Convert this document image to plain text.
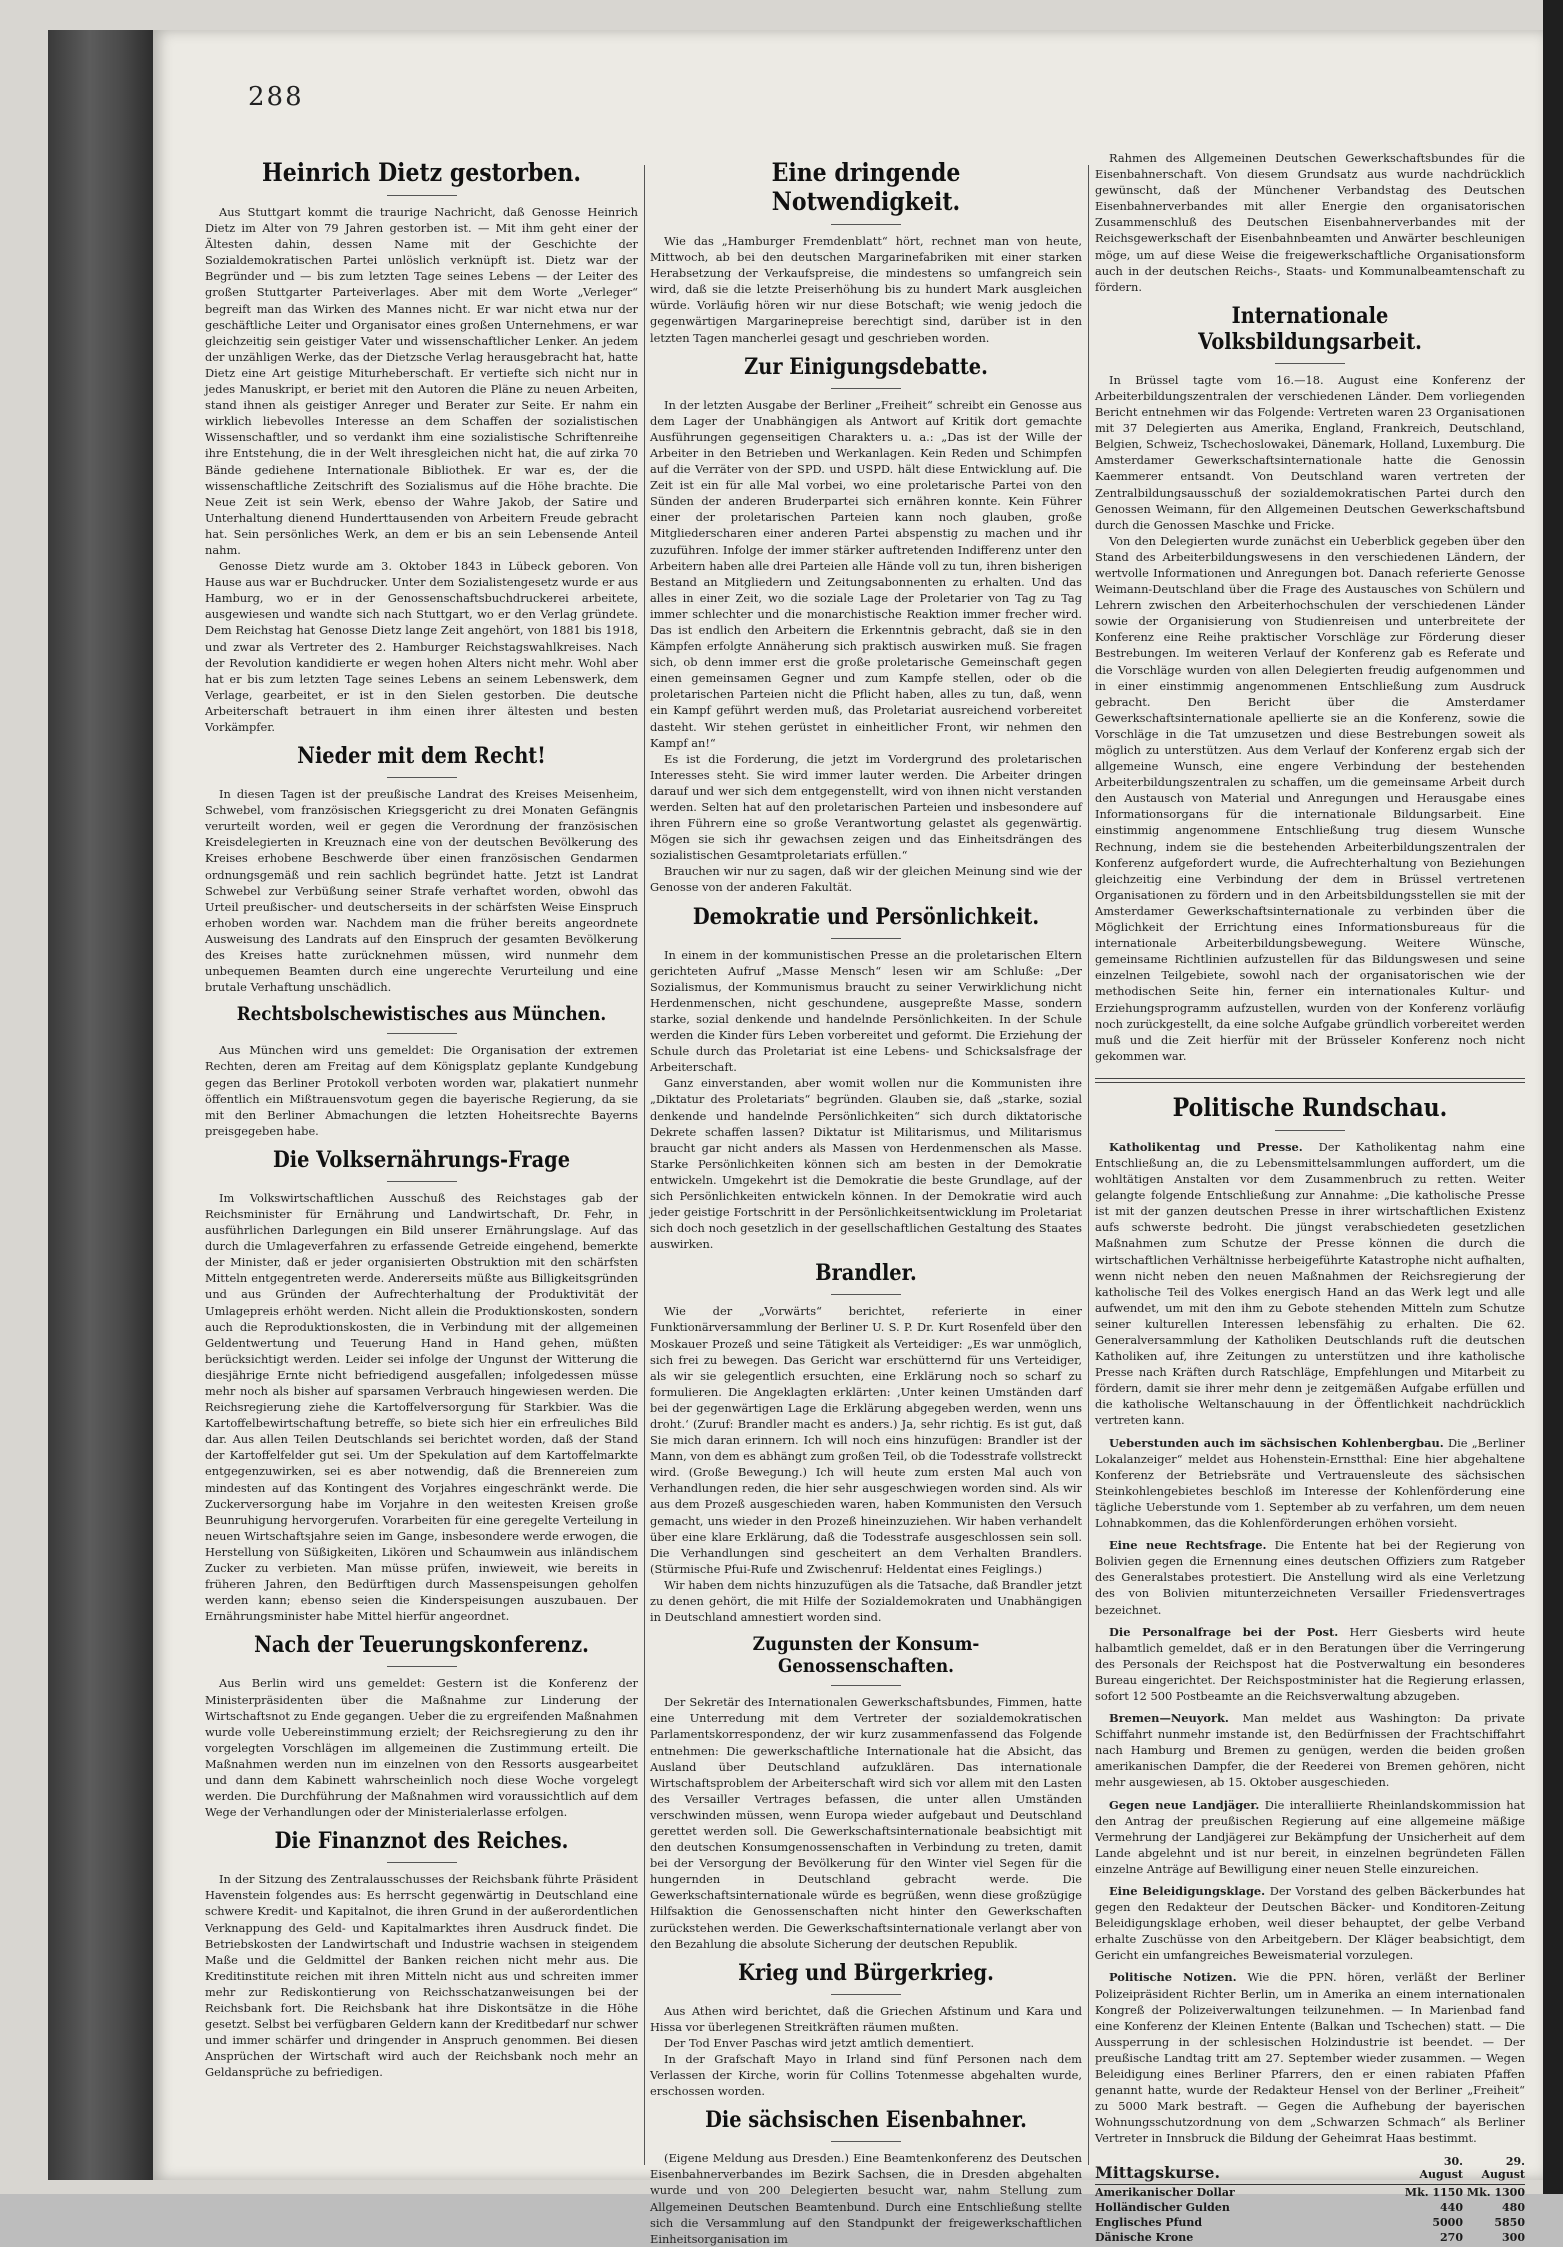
288
Heinrich Dietz gestorben.

Aus Stuttgart kommt die traurige Nachricht, daß Genosse Heinrich Dietz im Alter von 79 Jahren gestorben ist. — Mit ihm geht einer der Ältesten dahin, dessen Name mit der Geschichte der Sozialdemokratischen Partei unlöslich verknüpft ist. Dietz war der Begründer und — bis zum letzten Tage seines Lebens — der Leiter des großen Stuttgarter Parteiverlages. Aber mit dem Worte „Verleger“ begreift man das Wirken des Mannes nicht. Er war nicht etwa nur der geschäftliche Leiter und Organisator eines großen Unternehmens, er war gleichzeitig sein geistiger Vater und wissenschaftlicher Lenker. An jedem der unzähligen Werke, das der Dietzsche Verlag herausgebracht hat, hatte Dietz eine Art geistige Miturheberschaft. Er vertiefte sich nicht nur in jedes Manuskript, er beriet mit den Autoren die Pläne zu neuen Arbeiten, stand ihnen als geistiger Anreger und Berater zur Seite. Er nahm ein wirklich liebevolles Interesse an dem Schaffen der sozialistischen Wissenschaftler, und so verdankt ihm eine sozialistische Schriftenreihe ihre Entstehung, die in der Welt ihresgleichen nicht hat, die auf zirka 70 Bände gediehene Internationale Bibliothek. Er war es, der die wissenschaftliche Zeitschrift des Sozialismus auf die Höhe brachte. Die Neue Zeit ist sein Werk, ebenso der Wahre Jakob, der Satire und Unterhaltung dienend Hunderttausenden von Arbeitern Freude gebracht hat. Sein persönliches Werk, an dem er bis an sein Lebensende Anteil nahm.

Genosse Dietz wurde am 3. Oktober 1843 in Lübeck geboren. Von Hause aus war er Buchdrucker. Unter dem Sozialistengesetz wurde er aus Hamburg, wo er in der Genossenschaftsbuchdruckerei arbeitete, ausgewiesen und wandte sich nach Stuttgart, wo er den Verlag gründete. Dem Reichstag hat Genosse Dietz lange Zeit angehört, von 1881 bis 1918, und zwar als Vertreter des 2. Hamburger Reichstagswahlkreises. Nach der Revolution kandidierte er wegen hohen Alters nicht mehr. Wohl aber hat er bis zum letzten Tage seines Lebens an seinem Lebenswerk, dem Verlage, gearbeitet, er ist in den Sielen gestorben. Die deutsche Arbeiterschaft betrauert in ihm einen ihrer ältesten und besten Vorkämpfer.

Nieder mit dem Recht!

In diesen Tagen ist der preußische Landrat des Kreises Meisenheim, Schwebel, vom französischen Kriegsgericht zu drei Monaten Gefängnis verurteilt worden, weil er gegen die Verordnung der französischen Kreisdelegierten in Kreuznach eine von der deutschen Bevölkerung des Kreises erhobene Beschwerde über einen französischen Gendarmen ordnungsgemäß und rein sachlich begründet hatte. Jetzt ist Landrat Schwebel zur Verbüßung seiner Strafe verhaftet worden, obwohl das Urteil preußischer- und deutscherseits in der schärfsten Weise Einspruch erhoben worden war. Nachdem man die früher bereits angeordnete Ausweisung des Landrats auf den Einspruch der gesamten Bevölkerung des Kreises hatte zurücknehmen müssen, wird nunmehr dem unbequemen Beamten durch eine ungerechte Verurteilung und eine brutale Verhaftung unschädlich.

Rechtsbolschewistisches aus München.

Aus München wird uns gemeldet: Die Organisation der extremen Rechten, deren am Freitag auf dem Königsplatz geplante Kundgebung gegen das Berliner Protokoll verboten worden war, plakatiert nunmehr öffentlich ein Mißtrauensvotum gegen die bayerische Regierung, da sie mit den Berliner Abmachungen die letzten Hoheitsrechte Bayerns preisgegeben habe.

Die Volksernährungs-Frage

Im Volkswirtschaftlichen Ausschuß des Reichstages gab der Reichsminister für Ernährung und Landwirtschaft, Dr. Fehr, in ausführlichen Darlegungen ein Bild unserer Ernährungslage. Auf das durch die Umlageverfahren zu erfassende Getreide eingehend, bemerkte der Minister, daß er jeder organisierten Obstruktion mit den schärfsten Mitteln entgegentreten werde. Andererseits müßte aus Billigkeitsgründen und aus Gründen der Aufrechterhaltung der Produktivität der Umlagepreis erhöht werden. Nicht allein die Produktionskosten, sondern auch die Reproduktionskosten, die in Verbindung mit der allgemeinen Geldentwertung und Teuerung Hand in Hand gehen, müßten berücksichtigt werden. Leider sei infolge der Ungunst der Witterung die diesjährige Ernte nicht befriedigend ausgefallen; infolgedessen müsse mehr noch als bisher auf sparsamen Verbrauch hingewiesen werden. Die Reichsregierung ziehe die Kartoffelversorgung für Starkbier. Was die Kartoffelbewirtschaftung betreffe, so biete sich hier ein erfreuliches Bild dar. Aus allen Teilen Deutschlands sei berichtet worden, daß der Stand der Kartoffelfelder gut sei. Um der Spekulation auf dem Kartoffelmarkte entgegenzuwirken, sei es aber notwendig, daß die Brennereien zum mindesten auf das Kontingent des Vorjahres eingeschränkt werde. Die Zuckerversorgung habe im Vorjahre in den weitesten Kreisen große Beunruhigung hervorgerufen. Vorarbeiten für eine geregelte Verteilung in neuen Wirtschaftsjahre seien im Gange, insbesondere werde erwogen, die Herstellung von Süßigkeiten, Likören und Schaumwein aus inländischem Zucker zu verbieten. Man müsse prüfen, inwieweit, wie bereits in früheren Jahren, den Bedürftigen durch Massenspeisungen geholfen werden kann; ebenso seien die Kinderspeisungen auszubauen. Der Ernährungsminister habe Mittel hierfür angeordnet.

Nach der Teuerungskonferenz.

Aus Berlin wird uns gemeldet: Gestern ist die Konferenz der Ministerpräsidenten über die Maßnahme zur Linderung der Wirtschaftsnot zu Ende gegangen. Ueber die zu ergreifenden Maßnahmen wurde volle Uebereinstimmung erzielt; der Reichsregierung zu den ihr vorgelegten Vorschlägen im allgemeinen die Zustimmung erteilt. Die Maßnahmen werden nun im einzelnen von den Ressorts ausgearbeitet und dann dem Kabinett wahrscheinlich noch diese Woche vorgelegt werden. Die Durchführung der Maßnahmen wird voraussichtlich auf dem Wege der Verhandlungen oder der Ministerialerlasse erfolgen.

Die Finanznot des Reiches.

In der Sitzung des Zentralausschusses der Reichsbank führte Präsident Havenstein folgendes aus: Es herrscht gegenwärtig in Deutschland eine schwere Kredit- und Kapitalnot, die ihren Grund in der außerordentlichen Verknappung des Geld- und Kapitalmarktes ihren Ausdruck findet. Die Betriebskosten der Landwirtschaft und Industrie wachsen in steigendem Maße und die Geldmittel der Banken reichen nicht mehr aus. Die Kreditinstitute reichen mit ihren Mitteln nicht aus und schreiten immer mehr zur Rediskontierung von Reichsschatzanweisungen bei der Reichsbank fort. Die Reichsbank hat ihre Diskontsätze in die Höhe gesetzt. Selbst bei verfügbaren Geldern kann der Kreditbedarf nur schwer und immer schärfer und dringender in Anspruch genommen. Bei diesen Ansprüchen der Wirtschaft wird auch der Reichsbank noch mehr an Geldansprüche zu befriedigen.

Eine dringende Notwendigkeit.

Wie das „Hamburger Fremdenblatt“ hört, rechnet man von heute, Mittwoch, ab bei den deutschen Margarinefabriken mit einer starken Herabsetzung der Verkaufspreise, die mindestens so umfangreich sein wird, daß sie die letzte Preiserhöhung bis zu hundert Mark ausgleichen würde. Vorläufig hören wir nur diese Botschaft; wie wenig jedoch die gegenwärtigen Margarinepreise berechtigt sind, darüber ist in den letzten Tagen mancherlei gesagt und geschrieben worden.

Zur Einigungsdebatte.

In der letzten Ausgabe der Berliner „Freiheit“ schreibt ein Genosse aus dem Lager der Unabhängigen als Antwort auf Kritik dort gemachte Ausführungen gegenseitigen Charakters u. a.: „Das ist der Wille der Arbeiter in den Betrieben und Werkanlagen. Kein Reden und Schimpfen auf die Verräter von der SPD. und USPD. hält diese Entwicklung auf. Die Zeit ist ein für alle Mal vorbei, wo eine proletarische Partei von den Sünden der anderen Bruderpartei sich ernähren konnte. Kein Führer einer der proletarischen Parteien kann noch glauben, große Mitgliederscharen einer anderen Partei abspenstig zu machen und ihr zuzuführen. Infolge der immer stärker auftretenden Indifferenz unter den Arbeitern haben alle drei Parteien alle Hände voll zu tun, ihren bisherigen Bestand an Mitgliedern und Zeitungsabonnenten zu erhalten. Und das alles in einer Zeit, wo die soziale Lage der Proletarier von Tag zu Tag immer schlechter und die monarchistische Reaktion immer frecher wird. Das ist endlich den Arbeitern die Erkenntnis gebracht, daß sie in den Kämpfen erfolgte Annäherung sich praktisch auswirken muß. Sie fragen sich, ob denn immer erst die große proletarische Gemeinschaft gegen einen gemeinsamen Gegner und zum Kampfe stellen, oder ob die proletarischen Parteien nicht die Pflicht haben, alles zu tun, daß, wenn ein Kampf geführt werden muß, das Proletariat ausreichend vorbereitet dasteht. Wir stehen gerüstet in einheitlicher Front, wir nehmen den Kampf an!“

Es ist die Forderung, die jetzt im Vordergrund des proletarischen Interesses steht. Sie wird immer lauter werden. Die Arbeiter dringen darauf und wer sich dem entgegenstellt, wird von ihnen nicht verstanden werden. Selten hat auf den proletarischen Parteien und insbesondere auf ihren Führern eine so große Verantwortung gelastet als gegenwärtig. Mögen sie sich ihr gewachsen zeigen und das Einheitsdrängen des sozialistischen Gesamtproletariats erfüllen.“

Brauchen wir nur zu sagen, daß wir der gleichen Meinung sind wie der Genosse von der anderen Fakultät.

Demokratie und Persönlichkeit.

In einem in der kommunistischen Presse an die proletarischen Eltern gerichteten Aufruf „Masse Mensch“ lesen wir am Schluße: „Der Sozialismus, der Kommunismus braucht zu seiner Verwirklichung nicht Herdenmenschen, nicht geschundene, ausgepreßte Masse, sondern starke, sozial denkende und handelnde Persönlichkeiten. In der Schule werden die Kinder fürs Leben vorbereitet und geformt. Die Erziehung der Schule durch das Proletariat ist eine Lebens- und Schicksalsfrage der Arbeiterschaft.

Ganz einverstanden, aber womit wollen nur die Kommunisten ihre „Diktatur des Proletariats“ begründen. Glauben sie, daß „starke, sozial denkende und handelnde Persönlichkeiten“ sich durch diktatorische Dekrete schaffen lassen? Diktatur ist Militarismus, und Militarismus braucht gar nicht anders als Massen von Herdenmenschen als Masse. Starke Persönlichkeiten können sich am besten in der Demokratie entwickeln. Umgekehrt ist die Demokratie die beste Grundlage, auf der sich Persönlichkeiten entwickeln können. In der Demokratie wird auch jeder geistige Fortschritt in der Persönlichkeitsentwicklung im Proletariat sich doch noch gesetzlich in der gesellschaftlichen Gestaltung des Staates auswirken.

Brandler.

Wie der „Vorwärts“ berichtet, referierte in einer Funktionärversammlung der Berliner U. S. P. Dr. Kurt Rosenfeld über den Moskauer Prozeß und seine Tätigkeit als Verteidiger: „Es war unmöglich, sich frei zu bewegen. Das Gericht war erschütternd für uns Verteidiger, als wir sie gelegentlich ersuchten, eine Erklärung noch so scharf zu formulieren. Die Angeklagten erklärten: ‚Unter keinen Umständen darf bei der gegenwärtigen Lage die Erklärung abgegeben werden, wenn uns droht.‘ (Zuruf: Brandler macht es anders.) Ja, sehr richtig. Es ist gut, daß Sie mich daran erinnern. Ich will noch eins hinzufügen: Brandler ist der Mann, von dem es abhängt zum großen Teil, ob die Todesstrafe vollstreckt wird. (Große Bewegung.) Ich will heute zum ersten Mal auch von Verhandlungen reden, die hier sehr ausgeschwiegen worden sind. Als wir aus dem Prozeß ausgeschieden waren, haben Kommunisten den Versuch gemacht, uns wieder in den Prozeß hineinzuziehen. Wir haben verhandelt über eine klare Erklärung, daß die Todesstrafe ausgeschlossen sein soll. Die Verhandlungen sind gescheitert an dem Verhalten Brandlers. (Stürmische Pfui-Rufe und Zwischenruf: Heldentat eines Feiglings.)

Wir haben dem nichts hinzuzufügen als die Tatsache, daß Brandler jetzt zu denen gehört, die mit Hilfe der Sozialdemokraten und Unabhängigen in Deutschland amnestiert worden sind.

Zugunsten der Konsum-Genossenschaften.

Der Sekretär des Internationalen Gewerkschaftsbundes, Fimmen, hatte eine Unterredung mit dem Vertreter der sozialdemokratischen Parlamentskorrespondenz, der wir kurz zusammenfassend das Folgende entnehmen: Die gewerkschaftliche Internationale hat die Absicht, das Ausland über Deutschland aufzuklären. Das internationale Wirtschaftsproblem der Arbeiterschaft wird sich vor allem mit den Lasten des Versailler Vertrages befassen, die unter allen Umständen verschwinden müssen, wenn Europa wieder aufgebaut und Deutschland gerettet werden soll. Die Gewerkschaftsinternationale beabsichtigt mit den deutschen Konsumgenossenschaften in Verbindung zu treten, damit bei der Versorgung der Bevölkerung für den Winter viel Segen für die hungernden in Deutschland gebracht werde. Die Gewerkschaftsinternationale würde es begrüßen, wenn diese großzügige Hilfsaktion die Genossenschaften nicht hinter den Gewerkschaften zurückstehen werden. Die Gewerkschaftsinternationale verlangt aber von den Bezahlung die absolute Sicherung der deutschen Republik.

Krieg und Bürgerkrieg.

Aus Athen wird berichtet, daß die Griechen Afstinum und Kara und Hissa vor überlegenen Streitkräften räumen mußten.

Der Tod Enver Paschas wird jetzt amtlich dementiert.

In der Grafschaft Mayo in Irland sind fünf Personen nach dem Verlassen der Kirche, worin für Collins Totenmesse abgehalten wurde, erschossen worden.

Die sächsischen Eisenbahner.

(Eigene Meldung aus Dresden.) Eine Beamtenkonferenz des Deutschen Eisenbahnerverbandes im Bezirk Sachsen, die in Dresden abgehalten wurde und von 200 Delegierten besucht war, nahm Stellung zum Allgemeinen Deutschen Beamtenbund. Durch eine Entschließung stellte sich die Versammlung auf den Standpunkt der freigewerkschaftlichen Einheitsorganisation im

Rahmen des Allgemeinen Deutschen Gewerkschaftsbundes für die Eisenbahnerschaft. Von diesem Grundsatz aus wurde nachdrücklich gewünscht, daß der Münchener Verbandstag des Deutschen Eisenbahnerverbandes mit aller Energie den organisatorischen Zusammenschluß des Deutschen Eisenbahnerverbandes mit der Reichsgewerkschaft der Eisenbahnbeamten und Anwärter beschleunigen möge, um auf diese Weise die freigewerkschaftliche Organisationsform auch in der deutschen Reichs-, Staats- und Kommunalbeamtenschaft zu fördern.

Internationale Volksbildungsarbeit.

In Brüssel tagte vom 16.—18. August eine Konferenz der Arbeiterbildungszentralen der verschiedenen Länder. Dem vorliegenden Bericht entnehmen wir das Folgende: Vertreten waren 23 Organisationen mit 37 Delegierten aus Amerika, England, Frankreich, Deutschland, Belgien, Schweiz, Tschechoslowakei, Dänemark, Holland, Luxemburg. Die Amsterdamer Gewerkschaftsinternationale hatte die Genossin Kaemmerer entsandt. Von Deutschland waren vertreten der Zentralbildungsausschuß der sozialdemokratischen Partei durch den Genossen Weimann, für den Allgemeinen Deutschen Gewerkschaftsbund durch die Genossen Maschke und Fricke.

Von den Delegierten wurde zunächst ein Ueberblick gegeben über den Stand des Arbeiterbildungswesens in den verschiedenen Ländern, der wertvolle Informationen und Anregungen bot. Danach referierte Genosse Weimann-Deutschland über die Frage des Austausches von Schülern und Lehrern zwischen den Arbeiterhochschulen der verschiedenen Länder sowie der Organisierung von Studienreisen und unterbreitete der Konferenz eine Reihe praktischer Vorschläge zur Förderung dieser Bestrebungen. Im weiteren Verlauf der Konferenz gab es Referate und die Vorschläge wurden von allen Delegierten freudig aufgenommen und in einer einstimmig angenommenen Entschließung zum Ausdruck gebracht. Den Bericht über die Amsterdamer Gewerkschaftsinternationale apellierte sie an die Konferenz, sowie die Vorschläge in die Tat umzusetzen und diese Bestrebungen soweit als möglich zu unterstützen. Aus dem Verlauf der Konferenz ergab sich der allgemeine Wunsch, eine engere Verbindung der bestehenden Arbeiterbildungszentralen zu schaffen, um die gemeinsame Arbeit durch den Austausch von Material und Anregungen und Herausgabe eines Informationsorgans für die internationale Bildungsarbeit. Eine einstimmig angenommene Entschließung trug diesem Wunsche Rechnung, indem sie die bestehenden Arbeiterbildungszentralen der Konferenz aufgefordert wurde, die Aufrechterhaltung von Beziehungen gleichzeitig eine Verbindung der dem in Brüssel vertretenen Organisationen zu fördern und in den Arbeitsbildungsstellen sie mit der Amsterdamer Gewerkschaftsinternationale zu verbinden über die Möglichkeit der Errichtung eines Informationsbureaus für die internationale Arbeiterbildungsbewegung. Weitere Wünsche, gemeinsame Richtlinien aufzustellen für das Bildungswesen und seine einzelnen Teilgebiete, sowohl nach der organisatorischen wie der methodischen Seite hin, ferner ein internationales Kultur- und Erziehungsprogramm aufzustellen, wurden von der Konferenz vorläufig noch zurückgestellt, da eine solche Aufgabe gründlich vorbereitet werden muß und die Zeit hierfür mit der Brüsseler Konferenz noch nicht gekommen war.

Politische Rundschau.

Katholikentag und Presse. Der Katholikentag nahm eine Entschließung an, die zu Lebensmittelsammlungen auffordert, um die wohltätigen Anstalten vor dem Zusammenbruch zu retten. Weiter gelangte folgende Entschließung zur Annahme: „Die katholische Presse ist mit der ganzen deutschen Presse in ihrer wirtschaftlichen Existenz aufs schwerste bedroht. Die jüngst verabschiedeten gesetzlichen Maßnahmen zum Schutze der Presse können die durch die wirtschaftlichen Verhältnisse herbeigeführte Katastrophe nicht aufhalten, wenn nicht neben den neuen Maßnahmen der Reichsregierung der katholische Teil des Volkes energisch Hand an das Werk legt und alle aufwendet, um mit den ihm zu Gebote stehenden Mitteln zum Schutze seiner kulturellen Interessen lebensfähig zu erhalten. Die 62. Generalversammlung der Katholiken Deutschlands ruft die deutschen Katholiken auf, ihre Zeitungen zu unterstützen und ihre katholische Presse nach Kräften durch Ratschläge, Empfehlungen und Mitarbeit zu fördern, damit sie ihrer mehr denn je zeitgemäßen Aufgabe erfüllen und die katholische Weltanschauung in der Öffentlichkeit nachdrücklich vertreten kann.

Ueberstunden auch im sächsischen Kohlenbergbau. Die „Berliner Lokalanzeiger“ meldet aus Hohenstein-Ernstthal: Eine hier abgehaltene Konferenz der Betriebsräte und Vertrauensleute des sächsischen Steinkohlengebietes beschloß im Interesse der Kohlenförderung eine tägliche Ueberstunde vom 1. September ab zu verfahren, um dem neuen Lohnabkommen, das die Kohlenförderungen erhöhen vorsieht.

Eine neue Rechtsfrage. Die Entente hat bei der Regierung von Bolivien gegen die Ernennung eines deutschen Offiziers zum Ratgeber des Generalstabes protestiert. Die Anstellung wird als eine Verletzung des von Bolivien mitunterzeichneten Versailler Friedensvertrages bezeichnet.

Die Personalfrage bei der Post. Herr Giesberts wird heute halbamtlich gemeldet, daß er in den Beratungen über die Verringerung des Personals der Reichspost hat die Postverwaltung ein besonderes Bureau eingerichtet. Der Reichspostminister hat die Regierung erlassen, sofort 12 500 Postbeamte an die Reichsverwaltung abzugeben.

Bremen—Neuyork. Man meldet aus Washington: Da private Schiffahrt nunmehr imstande ist, den Bedürfnissen der Frachtschiffahrt nach Hamburg und Bremen zu genügen, werden die beiden großen amerikanischen Dampfer, die der Reederei von Bremen gehören, nicht mehr ausgewiesen, ab 15. Oktober ausgeschieden.

Gegen neue Landjäger. Die interalliierte Rheinlandskommission hat den Antrag der preußischen Regierung auf eine allgemeine mäßige Vermehrung der Landjägerei zur Bekämpfung der Unsicherheit auf dem Lande abgelehnt und ist nur bereit, in einzelnen begründeten Fällen einzelne Anträge auf Bewilligung einer neuen Stelle einzureichen.

Eine Beleidigungsklage. Der Vorstand des gelben Bäckerbundes hat gegen den Redakteur der Deutschen Bäcker- und Konditoren-Zeitung Beleidigungsklage erhoben, weil dieser behauptet, der gelbe Verband erhalte Zuschüsse von den Arbeitgebern. Der Kläger beabsichtigt, dem Gericht ein umfangreiches Beweismaterial vorzulegen.

Politische Notizen. Wie die PPN. hören, verläßt der Berliner Polizeipräsident Richter Berlin, um in Amerika an einem internationalen Kongreß der Polizeiverwaltungen teilzunehmen. — In Marienbad fand eine Konferenz der Kleinen Entente (Balkan und Tschechen) statt. — Die Aussperrung in der schlesischen Holzindustrie ist beendet. — Der preußische Landtag tritt am 27. September wieder zusammen. — Wegen Beleidigung eines Berliner Pfarrers, den er einen rabiaten Pfaffen genannt hatte, wurde der Redakteur Hensel von der Berliner „Freiheit“ zu 5000 Mark bestraft. — Gegen die Aufhebung der bayerischen Wohnungsschutzordnung von dem „Schwarzen Schmach“ als Berliner Vertreter in Innsbruck die Bildung der Geheimrat Haas bestimmt.

Mittagskurse.
30. August29. August
Amerikanischer Dollar	Mk. 1150	Mk. 1300
Holländischer Gulden	440	480
Englisches Pfund	5000	5850
Dänische Krone	270	300
